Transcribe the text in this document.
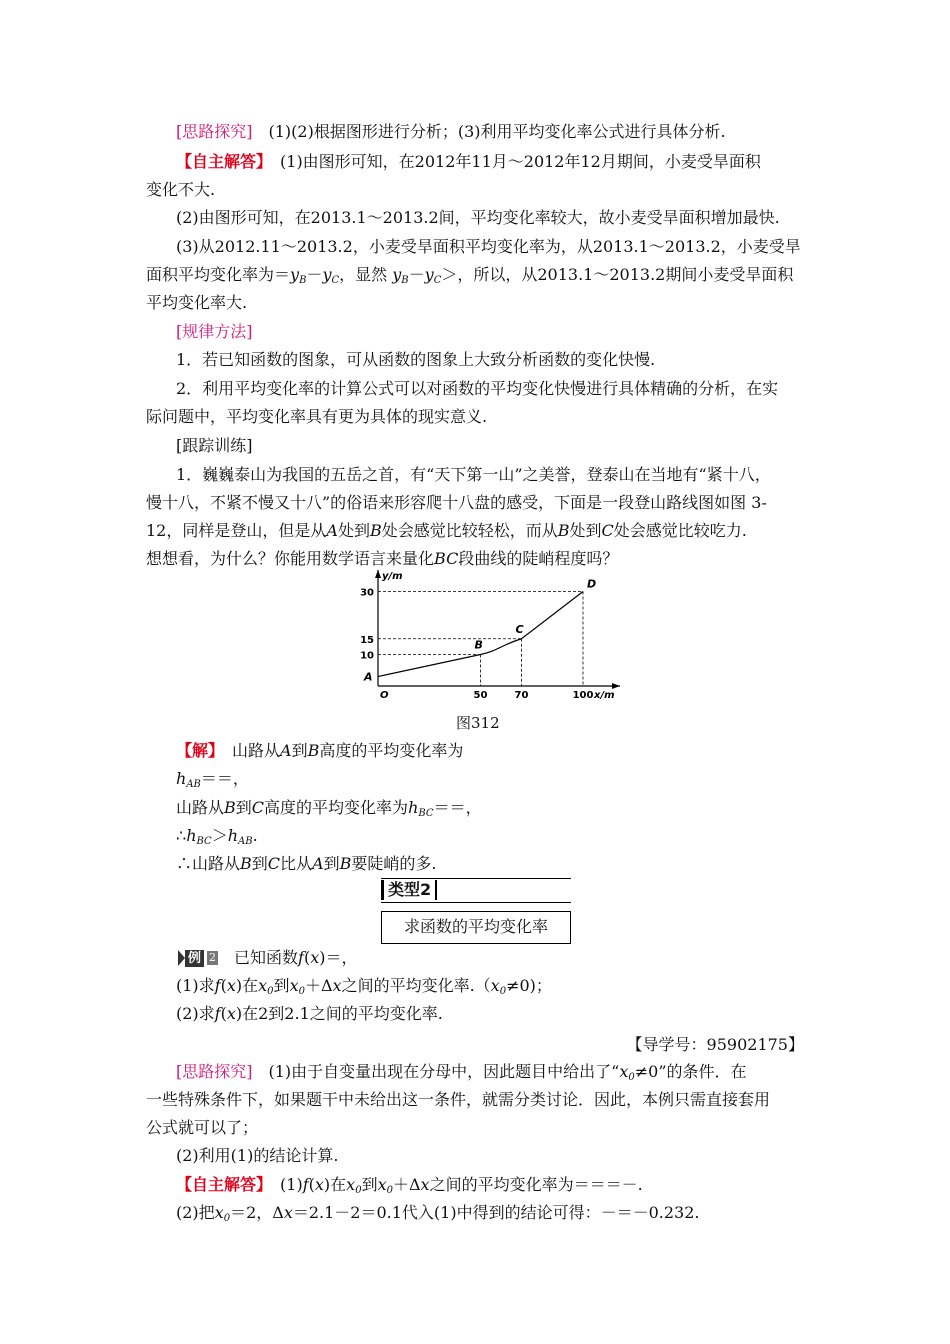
[思路探究]　(1)(2)根据图形进行分析；(3)利用平均变化率公式进行具体分析.
【自主解答】　(1)由图形可知，在2012年11月～2012年12月期间，小麦受旱面积
变化不大.
(2)由图形可知，在2013.1～2013.2间，平均变化率较大，故小麦受旱面积增加最快.
(3)从2012.11～2013.2，小麦受旱面积平均变化率为，从2013.1～2013.2，小麦受旱
面积平均变化率为$=y_B-y_C$，显然 $y_B-y_C>$，所以，从2013.1～2013.2期间小麦受旱面积
平均变化率大.
[规律方法]
1．若已知函数的图象，可从函数的图象上大致分析函数的变化快慢.
2．利用平均变化率的计算公式可以对函数的平均变化快慢进行具体精确的分析，在实
际问题中，平均变化率具有更为具体的现实意义.
[跟踪训练]
1．巍巍泰山为我国的五岳之首，有“天下第一山”之美誉，登泰山在当地有“紧十八，
慢十八，不紧不慢又十八”的俗语来形容爬十八盘的感受，下面是一段登山路线图如图 3-
12，同样是登山，但是从A处到B处会感觉比较轻松，而从B处到C处会感觉比较吃力.
想想看，为什么？你能用数学语言来量化BC段曲线的陡峭程度吗？
y/m
x/m
O
10
15
30
50	70	100
A
B
C
D
图312
【解】　山路从A到B高度的平均变化率为
$h_{AB}==$，
山路从B到C高度的平均变化率为$h_{BC}==$，
$\therefore h_{BC}>h_{AB}$.
∴山路从B到C比从A到B要陡峭的多.
类型2
求函数的平均变化率
例 2　已知函数f(x)＝，
(1)求f(x)在$x_0$到$x_0+\Delta x$之间的平均变化率$.(x_0\ne 0)$；
(2)求f(x)在2到2.1之间的平均变化率.
【导学号：95902175】
[思路探究]　(1)由于自变量出现在分母中，因此题目中给出了“$x_0\ne 0$”的条件．在
一些特殊条件下，如果题干中未给出这一条件，就需分类讨论．因此，本例只需直接套用
公式就可以了；
(2)利用(1)的结论计算.
【自主解答】　(1)f(x)在$x_0$到$x_0+\Delta x$之间的平均变化率为＝＝＝－.
(2)把$x_0=2$，Δx＝2.1－2＝0.1代入(1)中得到的结论可得：－＝－0.232.
